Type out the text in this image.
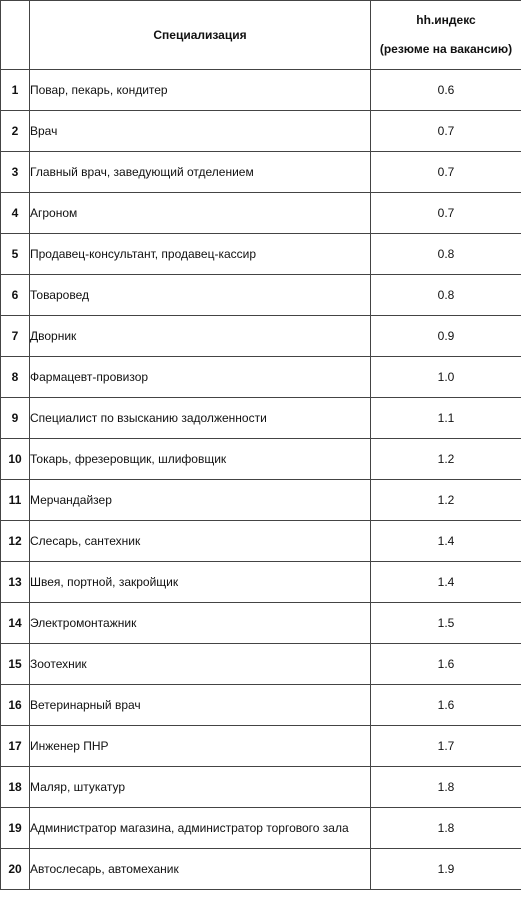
	Специализация	hh.индекс
(резюме на вакансию)

1	Повар, пекарь, кондитер	0.6
2	Врач	0.7
3	Главный врач, заведующий отделением	0.7
4	Агроном	0.7
5	Продавец-консультант, продавец-кассир	0.8
6	Товаровед	0.8
7	Дворник	0.9
8	Фармацевт-провизор	1.0
9	Специалист по взысканию задолженности	1.1
10	Токарь, фрезеровщик, шлифовщик	1.2
11	Мерчандайзер	1.2
12	Слесарь, сантехник	1.4
13	Швея, портной, закройщик	1.4
14	Электромонтажник	1.5
15	Зоотехник	1.6
16	Ветеринарный врач	1.6
17	Инженер ПНР	1.7
18	Маляр, штукатур	1.8
19	Администратор магазина, администратор торгового зала	1.8
20	Автослесарь, автомеханик	1.9
